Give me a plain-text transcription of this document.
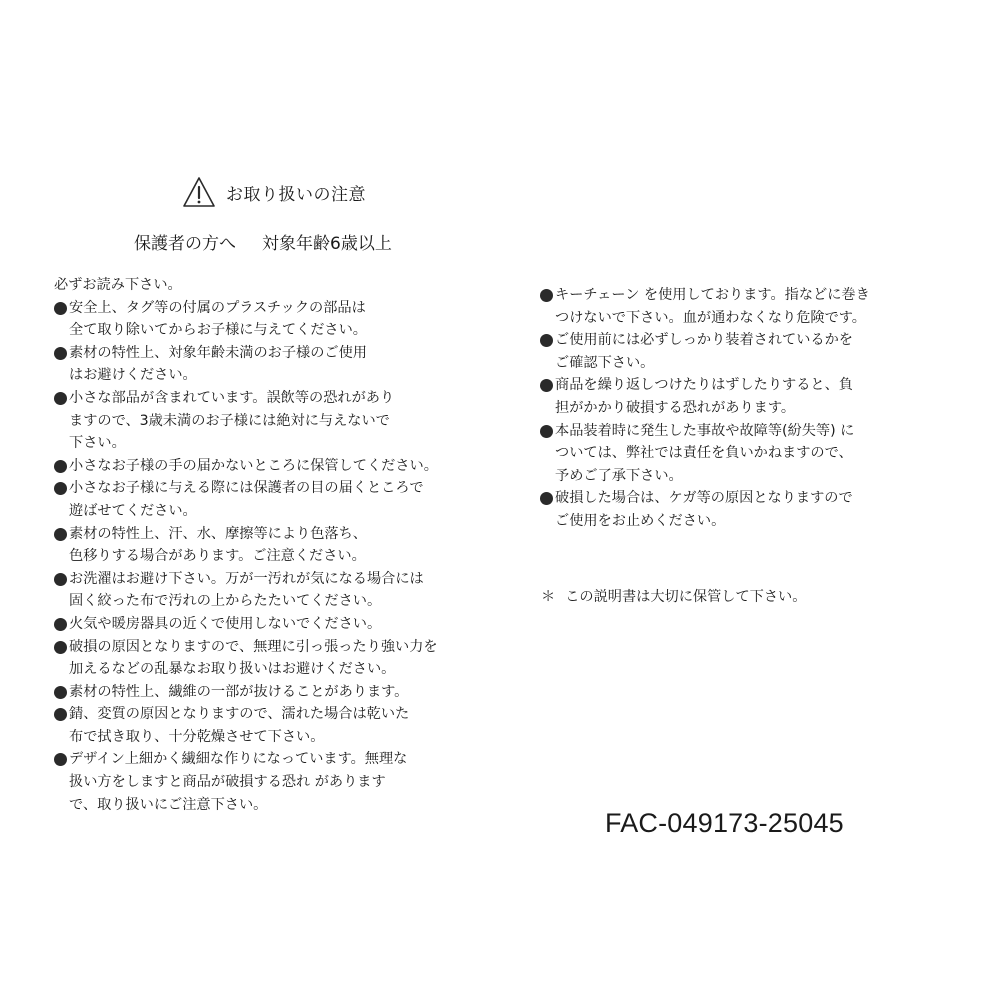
お取り扱いの注意
保護者の方へ 対象年齢6歳以上
必ずお読み下さい。
安全上、タグ等の付属のプラスチックの部品は
全て取り除いてからお子様に与えてください。
素材の特性上、対象年齢未満のお子様のご使用
はお避けください。
小さな部品が含まれています。誤飲等の恐れがあり
ますので、3歳未満のお子様には絶対に与えないで
下さい。
小さなお子様の手の届かないところに保管してください。
小さなお子様に与える際には保護者の目の届くところで
遊ばせてください。
素材の特性上、汗、水、摩擦等により色落ち、
色移りする場合があります。ご注意ください。
お洗濯はお避け下さい。万が一汚れが気になる場合には
固く絞った布で汚れの上からたたいてください。
火気や暖房器具の近くで使用しないでください。
破損の原因となりますので、無理に引っ張ったり強い力を
加えるなどの乱暴なお取り扱いはお避けください。
素材の特性上、繊維の一部が抜けることがあります。
錆、変質の原因となりますので、濡れた場合は乾いた
布で拭き取り、十分乾燥させて下さい。
デザイン上細かく繊細な作りになっています。無理な
扱い方をしますと商品が破損する恐れ があります
で、取り扱いにご注意下さい。
キーチェーン を使用しております。指などに巻き
つけないで下さい。血が通わなくなり危険です。
ご使用前には必ずしっかり装着されているかを
ご確認下さい。
商品を繰り返しつけたりはずしたりすると、負
担がかかり破損する恐れがあります。
本品装着時に発生した事故や故障等(紛失等) に
ついては、弊社では責任を負いかねますので、
予めご了承下さい。
破損した場合は、ケガ等の原因となりますので
ご使用をお止めください。
＊ この説明書は大切に保管して下さい。
FAC-049173-25045
